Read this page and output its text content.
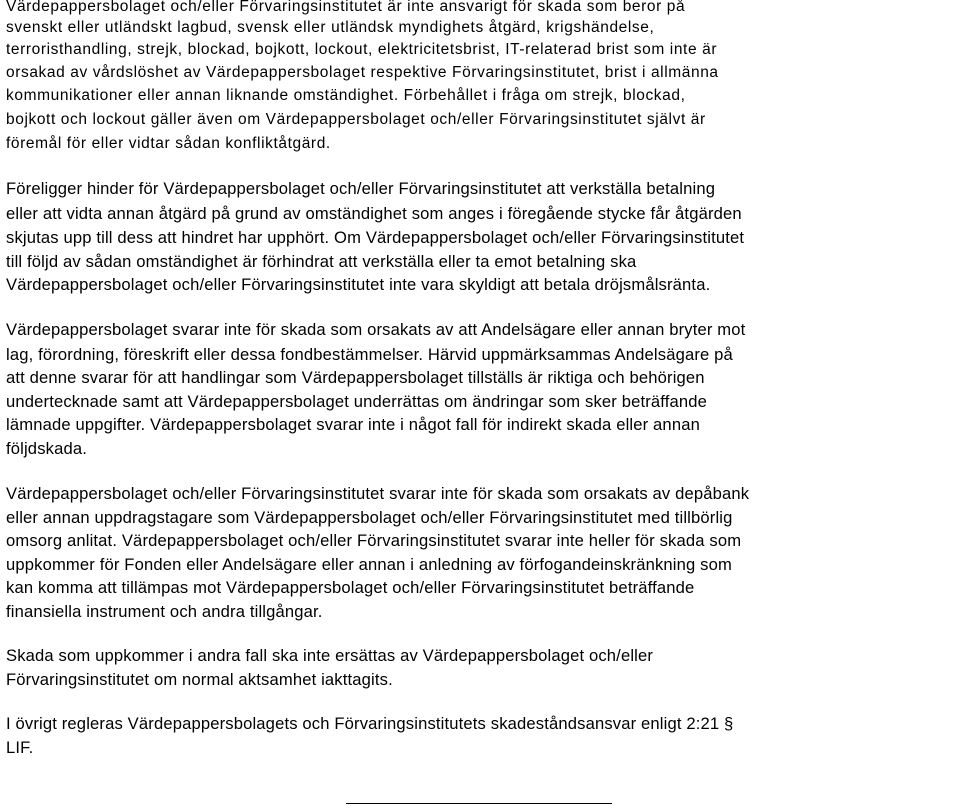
Värdepappersbolaget och/eller Förvaringsinstitutet är inte ansvarigt för skada som beror på
svenskt eller utländskt lagbud, svensk eller utländsk myndighets åtgärd, krigshändelse,
terroristhandling, strejk, blockad, bojkott, lockout, elektricitetsbrist, IT-relaterad brist som inte är
orsakad av vårdslöshet av Värdepappersbolaget respektive Förvaringsinstitutet, brist i allmänna
kommunikationer eller annan liknande omständighet. Förbehållet i fråga om strejk, blockad,
bojkott och lockout gäller även om Värdepappersbolaget och/eller Förvaringsinstitutet självt är
föremål för eller vidtar sådan konfliktåtgärd.
Föreligger hinder för Värdepappersbolaget och/eller Förvaringsinstitutet att verkställa betalning
eller att vidta annan åtgärd på grund av omständighet som anges i föregående stycke får åtgärden
skjutas upp till dess att hindret har upphört. Om Värdepappersbolaget och/eller Förvaringsinstitutet
till följd av sådan omständighet är förhindrat att verkställa eller ta emot betalning ska
Värdepappersbolaget och/eller Förvaringsinstitutet inte vara skyldigt att betala dröjsmålsränta.
Värdepappersbolaget svarar inte för skada som orsakats av att Andelsägare eller annan bryter mot
lag, förordning, föreskrift eller dessa fondbestämmelser. Härvid uppmärksammas Andelsägare på
att denne svarar för att handlingar som Värdepappersbolaget tillställs är riktiga och behörigen
undertecknade samt att Värdepappersbolaget underrättas om ändringar som sker beträffande
lämnade uppgifter. Värdepappersbolaget svarar inte i något fall för indirekt skada eller annan
följdskada.
Värdepappersbolaget och/eller Förvaringsinstitutet svarar inte för skada som orsakats av depåbank
eller annan uppdragstagare som Värdepappersbolaget och/eller Förvaringsinstitutet med tillbörlig
omsorg anlitat. Värdepappersbolaget och/eller Förvaringsinstitutet svarar inte heller för skada som
uppkommer för Fonden eller Andelsägare eller annan i anledning av förfogandeinskränkning som
kan komma att tillämpas mot Värdepappersbolaget och/eller Förvaringsinstitutet beträffande
finansiella instrument och andra tillgångar.
Skada som uppkommer i andra fall ska inte ersättas av Värdepappersbolaget och/eller
Förvaringsinstitutet om normal aktsamhet iakttagits.
I övrigt regleras Värdepappersbolagets och Förvaringsinstitutets skadeståndsansvar enligt 2:21 §
LIF.
